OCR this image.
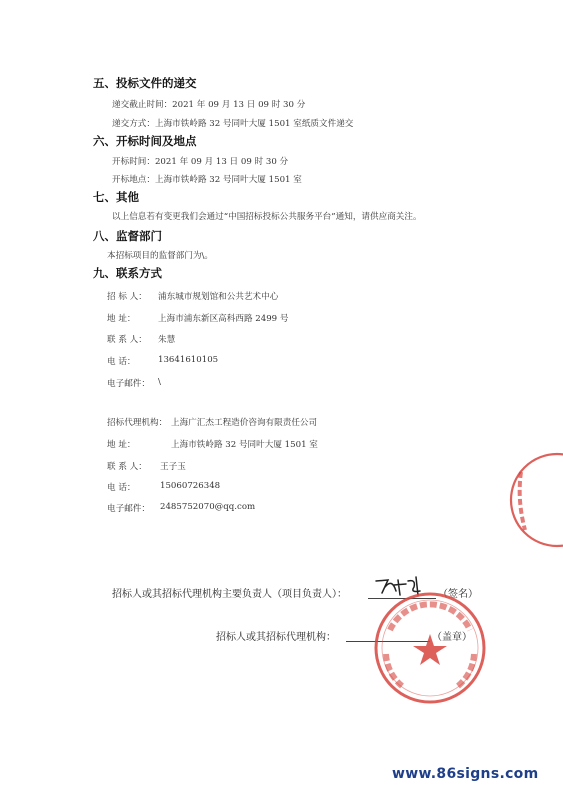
五、投标文件的递交
递交截止时间：2021 年 09 月 13 日 09 时 30 分
递交方式：上海市铁岭路 32 号同叶大厦 1501 室纸质文件递交
六、开标时间及地点
开标时间：2021 年 09 月 13 日 09 时 30 分
开标地点：上海市铁岭路 32 号同叶大厦 1501 室
七、其他
以上信息若有变更我们会通过“中国招标投标公共服务平台”通知，请供应商关注。
八、监督部门
本招标项目的监督部门为\。
九、联系方式
招 标 人： 浦东城市规划馆和公共艺术中心
地 址：	上海市浦东新区高科西路 2499 号
联 系 人： 朱慧
电 话：	13641610105
电子邮件： \
招标代理机构： 上海广汇杰工程造价咨询有限责任公司
地 址：	上海市铁岭路 32 号同叶大厦 1501 室
联 系 人： 王子玉
电 话：	15060726348
电子邮件： 2485752070@qq.com
招标人或其招标代理机构主要负责人（项目负责人）：	（签名）
招标人或其招标代理机构：	（盖章）
www.86signs.com
